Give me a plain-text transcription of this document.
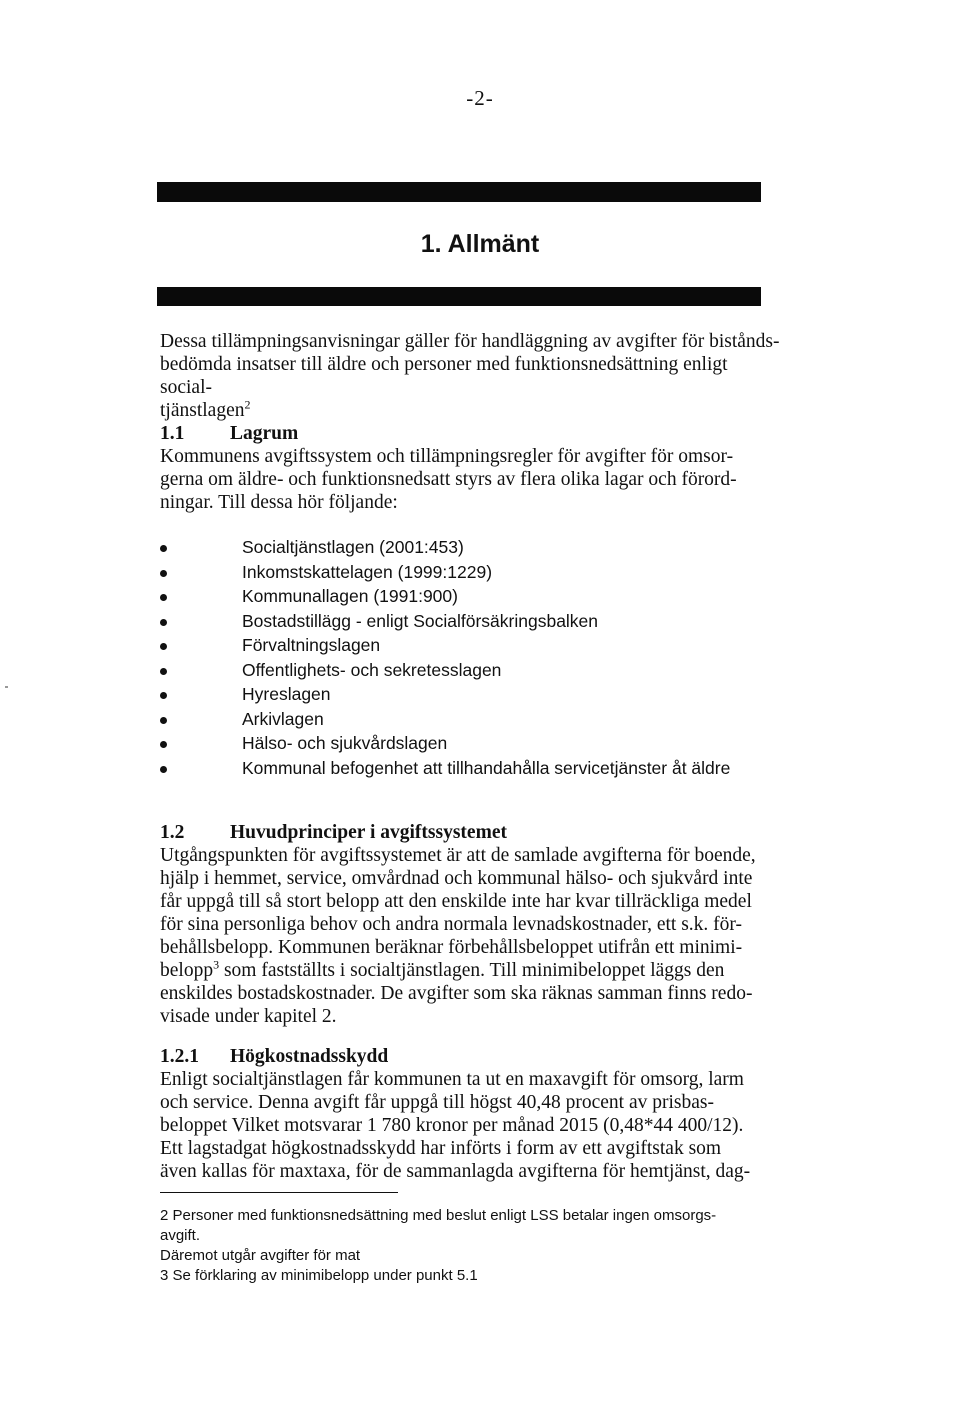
-2-
1. Allmänt

Dessa tillämpningsanvisningar gäller för handläggning av avgifter för bistånds-
bedömda insatser till äldre och personer med funktionsnedsättning enligt social-
tjänstlagen$^2$

1.1 Lagrum

Kommunens avgiftssystem och tillämpningsregler för avgifter för omsor-
gerna om äldre- och funktionsnedsatt styrs av flera olika lagar och förord-
ningar. Till dessa hör följande:

Socialtjänstlagen (2001:453)
Inkomstskattelagen (1999:1229)
Kommunallagen (1991:900)
Bostadstillägg - enligt Socialförsäkringsbalken
Förvaltningslagen
Offentlighets- och sekretesslagen
Hyreslagen
Arkivlagen
Hälso- och sjukvårdslagen
Kommunal befogenhet att tillhandahålla servicetjänster åt äldre
1.2 Huvudprinciper i avgiftssystemet

Utgångspunkten för avgiftssystemet är att de samlade avgifterna för boende,
hjälp i hemmet, service, omvårdnad och kommunal hälso- och sjukvård inte
får uppgå till så stort belopp att den enskilde inte har kvar tillräckliga medel
för sina personliga behov och andra normala levnadskostnader, ett s.k. för-
behållsbelopp. Kommunen beräknar förbehållsbeloppet utifrån ett minimi-
belopp$^3$ som fastställts i socialtjänstlagen. Till minimibeloppet läggs den
enskildes bostadskostnader. De avgifter som ska räknas samman finns redo-
visade under kapitel 2.

1.2.1 Högkostnadsskydd

Enligt socialtjänstlagen får kommunen ta ut en maxavgift för omsorg, larm
och service. Denna avgift får uppgå till högst 40,48 procent av prisbas-
beloppet Vilket motsvarar 1 780 kronor per månad 2015 (0,48*44 400/12).
Ett lagstadgat högkostnadsskydd har införts i form av ett avgiftstak som
även kallas för maxtaxa, för de sammanlagda avgifterna för hemtjänst, dag-

2 Personer med funktionsnedsättning med beslut enligt LSS betalar ingen omsorgs-
avgift.
Däremot utgår avgifter för mat

3 Se förklaring av minimibelopp under punkt 5.1
